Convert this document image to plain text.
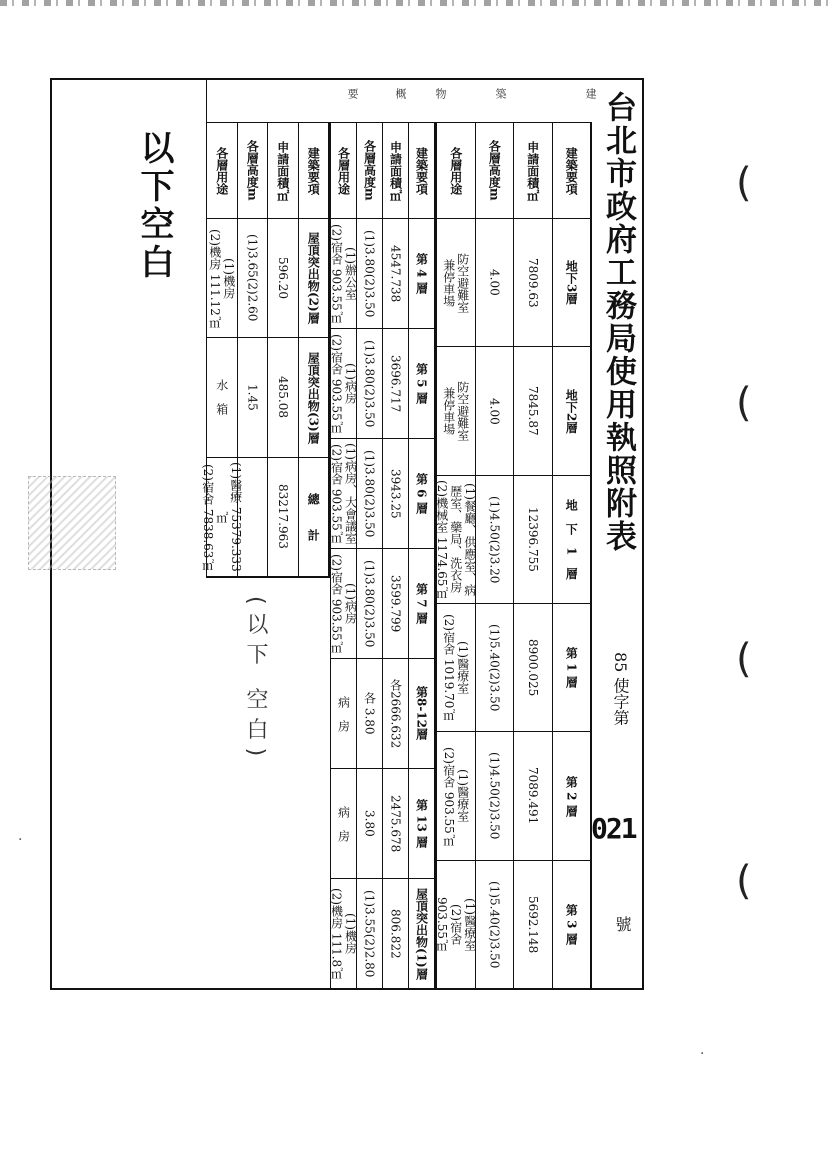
台北市政府工務局使用執照附表
85 使字第
021
號
建
築
物
概
要
建築要項
申請面積㎡
各層高度m
各層用途
地下3層
7809.63
4.00
防空避難室
兼停車場
地下2層
7845.87
4.00
防空避難室
兼停車場
地　下　1　層
12396.755
(1)4.50(2)3.20
(1)餐廳、供應室、病歷室、藥局、洗衣房
(2)機械室 1174.65㎡
第 1 層
8900.025
(1)5.40(2)3.50
(1)醫療室
(2)宿舍 1019.70㎡
第 2 層
7089.491
(1)4.50(2)3.50
(1)醫療室
(2)宿舍 903.55㎡
第 3 層
5692.148
(1)5.40(2)3.50
(1)醫療室
(2)宿舍
903.55㎡
建築要項
申請面積㎡
各層高度m
各層用途
第 4 層
4547.738
(1)3.80(2)3.50
(1)辦公室
(2)宿舍 903.55㎡
第 5 層
3696.717
(1)3.80(2)3.50
(1)病房
(2)宿舍 903.55㎡
第 6 層
3943.25
(1)3.80(2)3.50
(1)病房、大會議室
(2)宿舍 903.55㎡
第 7 層
3599.799
(1)3.80(2)3.50
(1)病房
(2)宿舍 903.55㎡
第8-12層
各2666.632
各 3.80
病　房
第 13 層
2475.678
3.80
病　房
屋頂突出物(1)層
806.822
(1)3.55(2)2.80
(1)機房
(2)機房 111.8㎡
建築要項
申請面積㎡
各層高度m
各層用途
屋頂突出物(2)層
596.20
(1)3.65(2)2.60
(1)機房
(2)機房 111.12㎡
屋頂突出物(3)層
485.08
1.45
水　箱
總　　計
83217.963
(1)醫療 75379.333㎡
(2)宿舍 7838.63㎡
以下空白
(以下 空白)
(
(
(
(
·
·
